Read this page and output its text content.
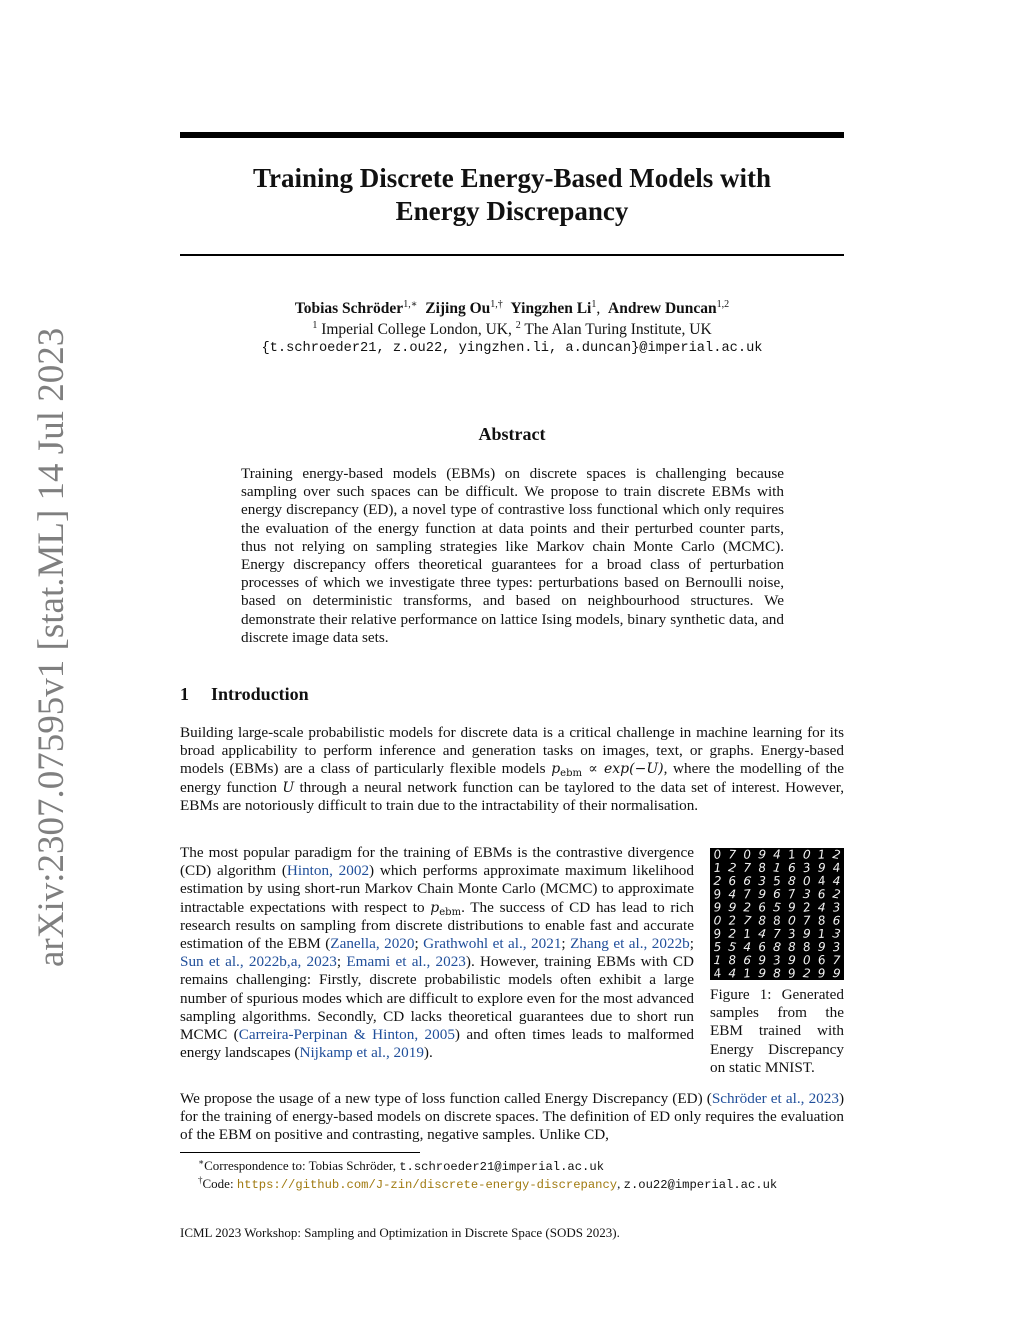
arXiv:2307.07595v1 [stat.ML] 14 Jul 2023
Training Discrete Energy-Based Models with
Energy Discrepancy
Tobias Schröder$^{1,∗}$ Zijing $Ou^{1,\dagger}$ Yingzhen Li$^1$,  Andrew Duncan$^{1,2}$
$^1$ Imperial College London, UK, $^2$ The Alan Turing Institute, UK
{t.schroeder21, z.ou22, yingzhen.li, a.duncan}@imperial.ac.uk
Abstract
Training energy-based models (EBMs) on discrete spaces is challenging because sampling over such spaces can be difficult. We propose to train discrete EBMs with energy discrepancy (ED), a novel type of contrastive loss functional which only requires the evaluation of the energy function at data points and their perturbed counter parts, thus not relying on sampling strategies like Markov chain Monte Carlo (MCMC). Energy discrepancy offers theoretical guarantees for a broad class of perturbation processes of which we investigate three types: perturbations based on Bernoulli noise, based on deterministic transforms, and based on neighbourhood structures. We demonstrate their relative performance on lattice Ising models, binary synthetic data, and discrete image data sets.
1 Introduction
Building large-scale probabilistic models for discrete data is a critical challenge in machine learning for its broad applicability to perform inference and generation tasks on images, text, or graphs. Energy-based models (EBMs) are a class of particularly flexible models $p_{ebm} \propto \exp(-U)$, where the modelling of the energy function U through a neural network function can be taylored to the data set of interest. However, EBMs are notoriously difficult to train due to the intractability of their normalisation.
The most popular paradigm for the training of EBMs is the contrastive divergence (CD) algorithm (Hinton, 2002) which performs approximate maximum likelihood estimation by using short-run Markov Chain Monte Carlo (MCMC) to approximate intractable expectations with respect to $p_{ebm}$. The success of CD has lead to rich research results on sampling from discrete distributions to enable fast and accurate estimation of the EBM (Zanella, 2020; Grathwohl et al., 2021; Zhang et al., 2022b; Sun et al., 2022b,a, 2023; Emami et al., 2023). However, training EBMs with CD remains challenging: Firstly, discrete probabilistic models often exhibit a large number of spurious modes which are difficult to explore even for the most advanced sampling algorithms. Secondly, CD lacks theoretical guarantees due to short run MCMC (Carreira-Perpinan & Hinton, 2005) and often times leads to malformed energy landscapes (Nijkamp et al., 2019).
0 7 0 9 4 1 0 1 2
1 2 7 8 1 6 3 9 4
2 6 6 3 5 8 0 4 4
9 4 7 9 6 7 3 6 2
9 9 2 6 5 9 2 4 3
0 2 7 8 8 0 7 8 6
9 2 1 4 7 3 9 1 3
5 5 4 6 8 8 8 9 3
1 8 6 9 3 9 0 6 7
4 4 1 9 8 9 2 9 9
Figure 1: Generated samples from the EBM trained with Energy Discrepancy on static MNIST.
We propose the usage of a new type of loss function called Energy Discrepancy (ED) (Schröder et al., 2023) for the training of energy-based models on discrete spaces. The definition of ED only requires the evaluation of the EBM on positive and contrasting, negative samples. Unlike CD,
∗Correspondence to: Tobias Schröder, t.schroeder21@imperial.ac.uk
†Code: https://github.com/J-zin/discrete-energy-discrepancy, z.ou22@imperial.ac.uk
ICML 2023 Workshop: Sampling and Optimization in Discrete Space (SODS 2023).
